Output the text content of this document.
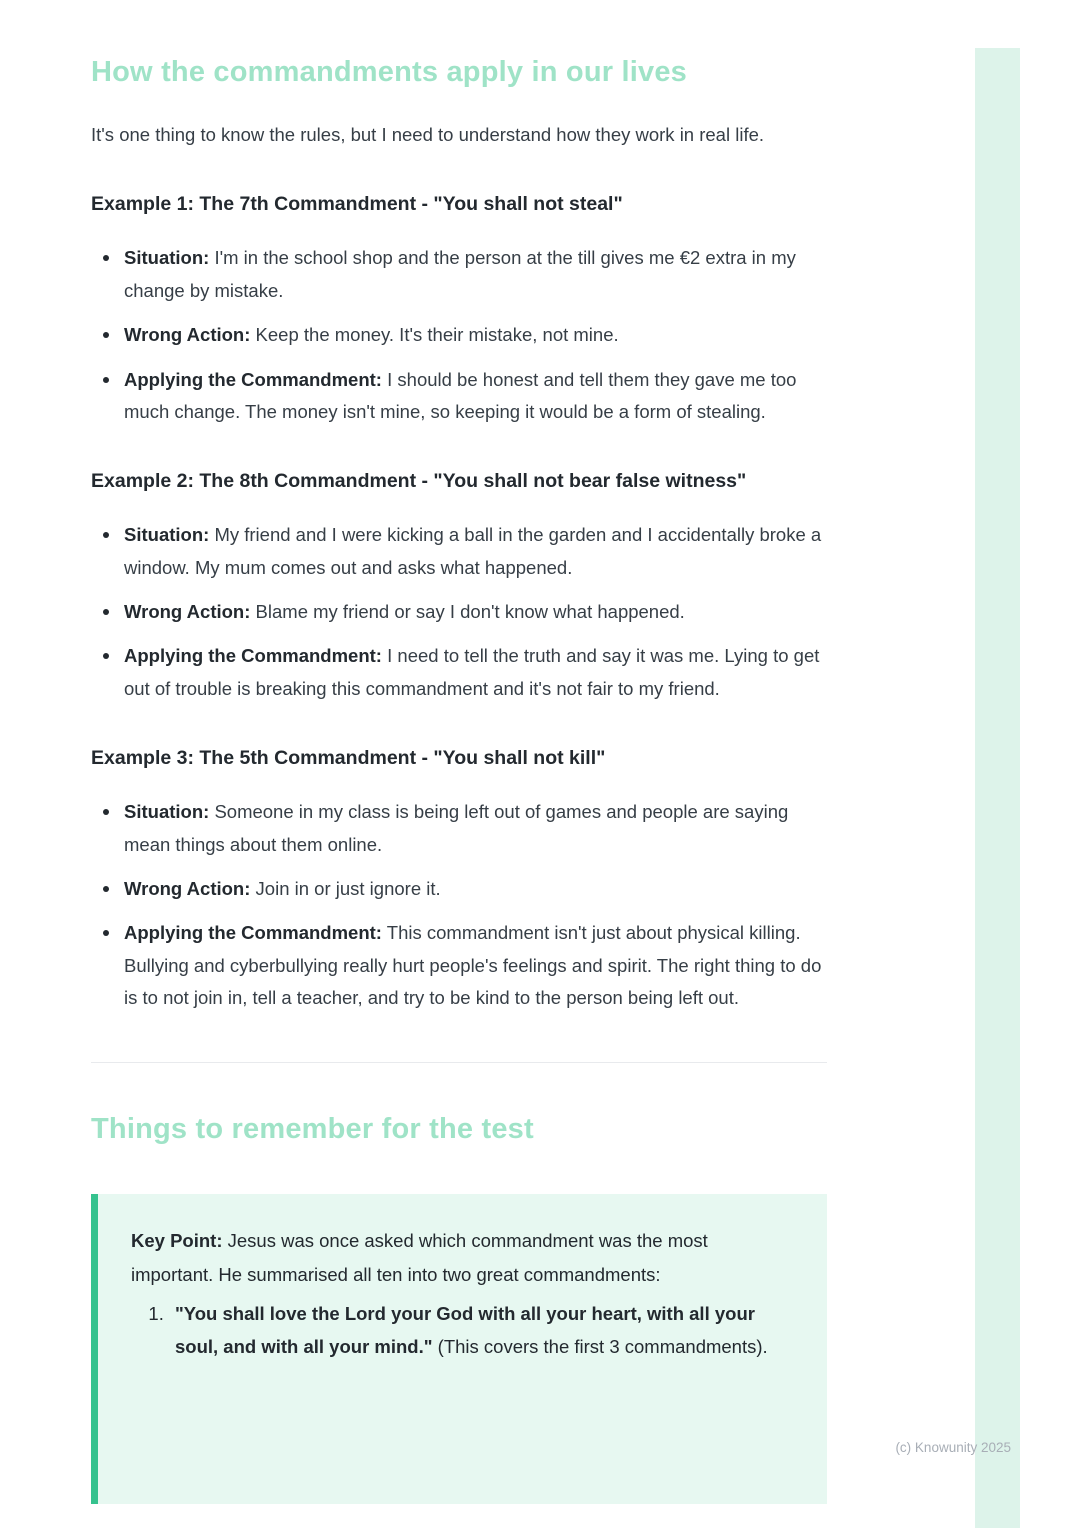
How the commandments apply in our lives

It's one thing to know the rules, but I need to understand how they work in real life.

Example 1: The 7th Commandment - "You shall not steal"
Situation: I'm in the school shop and the person at the till gives me €2 extra in my change by mistake.
Wrong Action: Keep the money. It's their mistake, not mine.
Applying the Commandment: I should be honest and tell them they gave me too much change. The money isn't mine, so keeping it would be a form of stealing.
Example 2: The 8th Commandment - "You shall not bear false witness"
Situation: My friend and I were kicking a ball in the garden and I accidentally broke a window. My mum comes out and asks what happened.
Wrong Action: Blame my friend or say I don't know what happened.
Applying the Commandment: I need to tell the truth and say it was me. Lying to get out of trouble is breaking this commandment and it's not fair to my friend.
Example 3: The 5th Commandment - "You shall not kill"
Situation: Someone in my class is being left out of games and people are saying mean things about them online.
Wrong Action: Join in or just ignore it.
Applying the Commandment: This commandment isn't just about physical killing. Bullying and cyberbullying really hurt people's feelings and spirit. The right thing to do is to not join in, tell a teacher, and try to be kind to the person being left out.
Things to remember for the test

Key Point: Jesus was once asked which commandment was the most important. He summarised all ten into two great commandments:

1. "You shall love the Lord your God with all your heart, with all your soul, and with all your mind." (This covers the first 3 commandments).
(c) Knowunity 2025
